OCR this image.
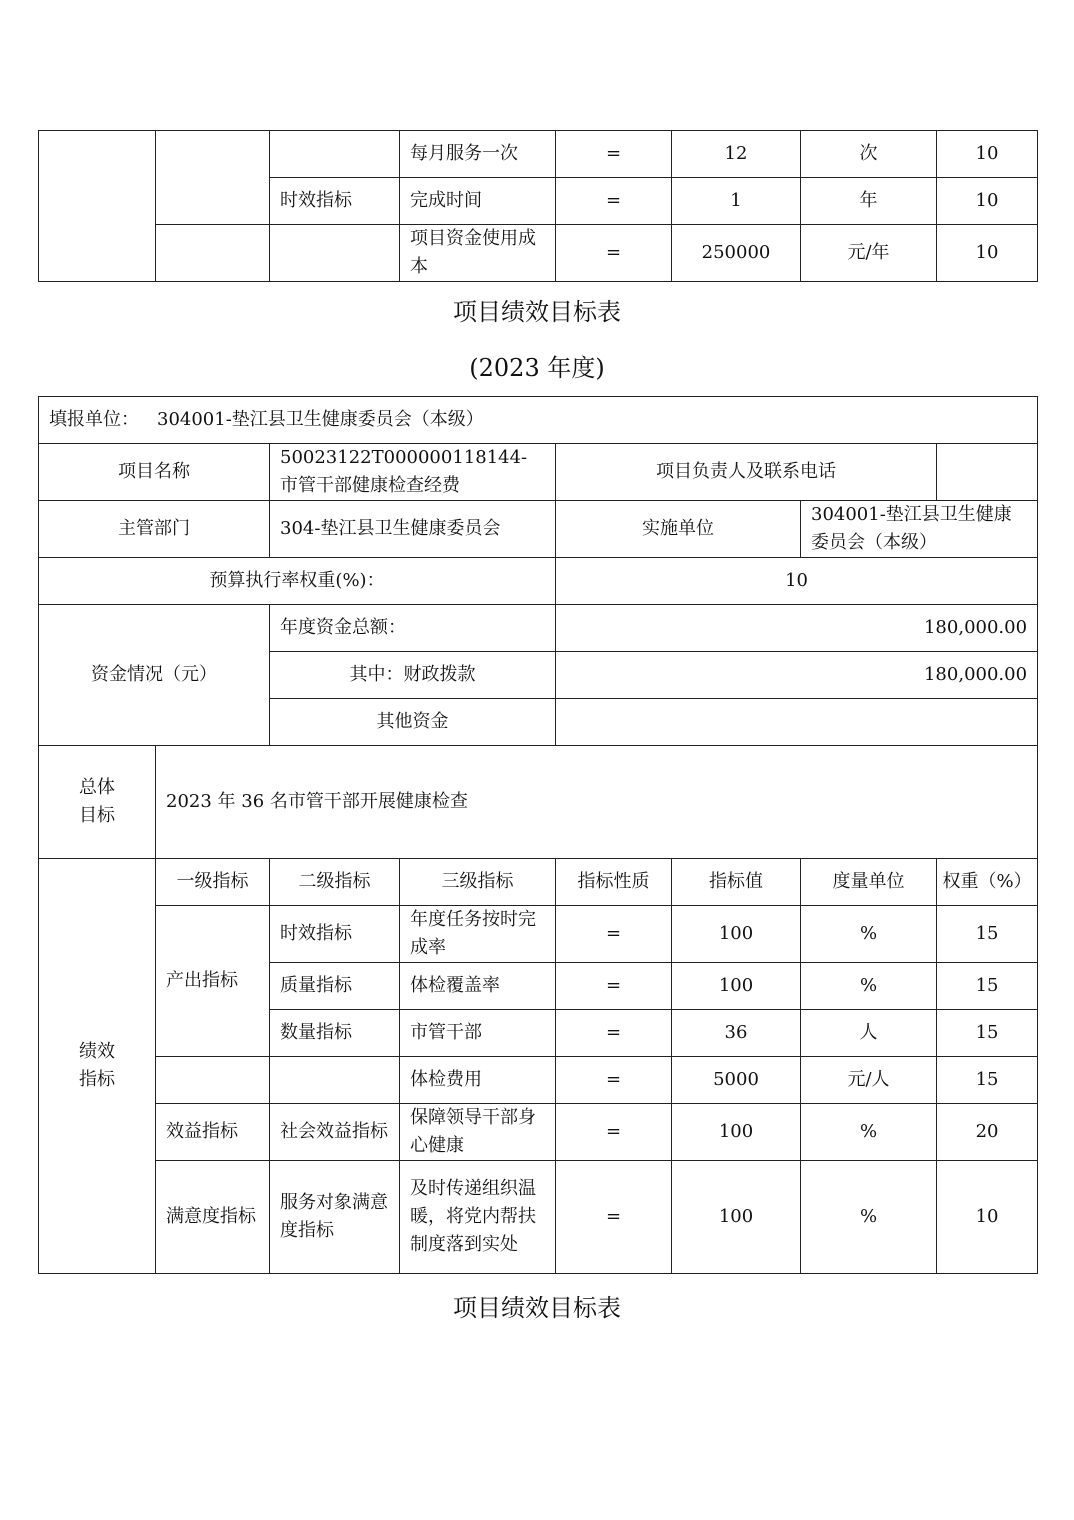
			每月服务一次	=	12	次	10
		时效指标	完成时间	=	1	年	10
			项目资金使用成本	=	250000	元/年	10
项目绩效目标表
(2023 年度)
填报单位： 304001-垫江县卫生健康委员会（本级）							
项目名称		50023122T000000118144-市管干部健康检查经费		项目负责人及联系电话			
主管部门		304-垫江县卫生健康委员会		实施单位		304001-垫江县卫生健康委员会（本级）	
预算执行率权重(%)：				10			
资金情况（元）		年度资金总额：		180,000.00			
		其中：财政拨款		180,000.00			
		其他资金					
总体目标	2023 年 36 名市管干部开展健康检查						
绩效指标	一级指标	二级指标	三级指标	指标性质	指标值	度量单位	权重（%）
	产出指标	时效指标	年度任务按时完成率	=	100	%	15
		质量指标	体检覆盖率	=	100	%	15
		数量指标	市管干部	=	36	人	15
			体检费用	=	5000	元/人	15
	效益指标	社会效益指标	保障领导干部身心健康	=	100	%	20
	满意度指标	服务对象满意度指标	及时传递组织温暖，将党内帮扶制度落到实处	=	100	%	10
项目绩效目标表
